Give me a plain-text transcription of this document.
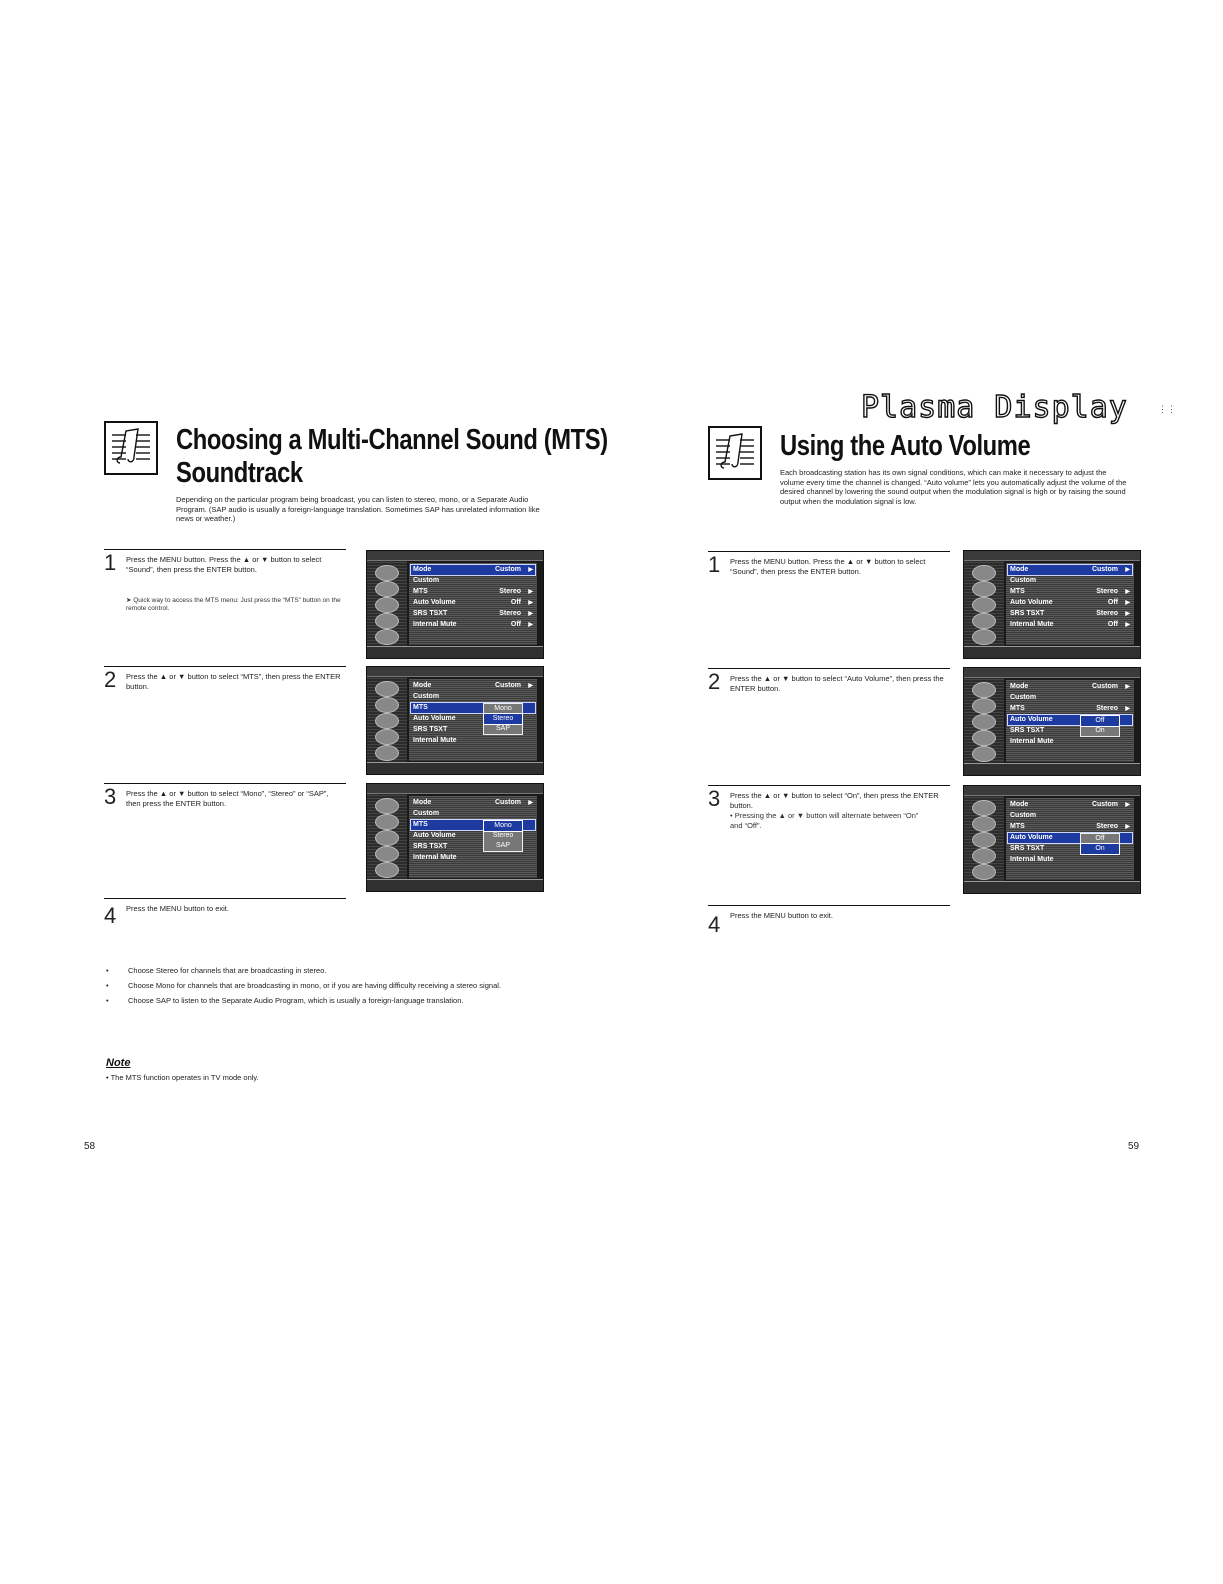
Choosing a Multi-Channel Sound (MTS)
Soundtrack
Depending on the particular program being broadcast, you can listen to stereo, mono, or a Separate Audio Program. (SAP audio is usually a foreign-language translation. Sometimes SAP has unrelated information like news or weather.)
1 Press the MENU button. Press the ▲ or ▼ button to select “Sound”, then press the ENTER button.
➤ Quick way to access the MTS menu: Just press the “MTS” button on the remote control.
2 Press the ▲ or ▼ button to select “MTS”, then press the ENTER button.
3 Press the ▲ or ▼ button to select “Mono”, “Stereo” or “SAP”, then press the ENTER button.
4 Press the MENU button to exit.
Mode	Custom ▶
Custom
MTS	Stereo ▶
Auto Volume	Off ▶
SRS TSXT	Stereo ▶
Internal Mute	Off ▶
Mode	Custom ▶
Custom
MTS
Auto Volume
SRS TSXT
Internal Mute
Mono
Stereo
SAP
Mode	Custom ▶
Custom
MTS
Auto Volume
SRS TSXT
Internal Mute
Mono
Stereo
SAP
•	Choose Stereo for channels that are broadcasting in stereo.
•	Choose Mono for channels that are broadcasting in mono, or if you are having difficulty receiving a stereo signal.
•	Choose SAP to listen to the Separate Audio Program, which is usually a foreign-language translation.
Note
• The MTS function operates in TV mode only.
58
Plasma Display	⋮⋮
Using the Auto Volume
Each broadcasting station has its own signal conditions, which can make it necessary to adjust the volume every time the channel is changed. “Auto volume” lets you automatically adjust the volume of the desired channel by lowering the sound output when the modulation signal is high or by raising the sound output when the modulation signal is low.
1 Press the MENU button. Press the ▲ or ▼ button to select “Sound”, then press the ENTER button.
2 Press the ▲ or ▼ button to select “Auto Volume”, then press the ENTER button.
3 Press the ▲ or ▼ button to select “On”, then press the ENTER button.
• Pressing the ▲ or ▼ button will alternate between “On” and “Off”.
4 Press the MENU button to exit.
Mode	Custom ▶
Custom
MTS	Stereo ▶
Auto Volume	Off ▶
SRS TSXT	Stereo ▶
Internal Mute	Off ▶
Mode	Custom ▶
Custom
MTS	Stereo ▶
Auto Volume
SRS TSXT
Internal Mute
Off
On
Mode	Custom ▶
Custom
MTS	Stereo ▶
Auto Volume
SRS TSXT
Internal Mute
Off
On
59
